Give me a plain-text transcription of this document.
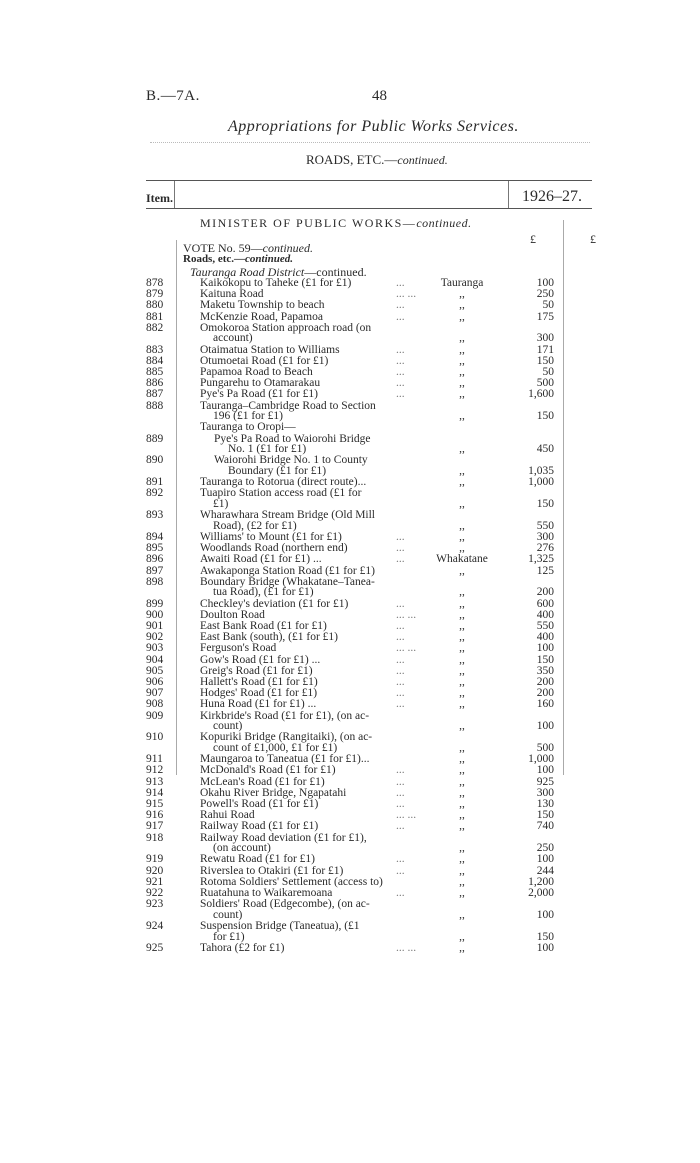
B.—7A.	48
Appropriations for Public Works Services.
ROADS, ETC.—continued.
Item.	1926–27.
MINISTER OF PUBLIC WORKS—continued.
£	£
VOTE No. 59—continued.
Roads, etc.—continued.
Tauranga Road District—continued.
878	Kaikokopu to Taheke (£1 for £1)	...	Tauranga	100
879	Kaituna Road	... ...	,,	250
880	Maketu Township to beach	...	,,	50
881	McKenzie Road, Papamoa	...	,,	175
882	Omokoroa Station approach road (on
account)	,,	300
883	Otaimatua Station to Williams	...	,,	171
884	Otumoetai Road (£1 for £1)	...	,,	150
885	Papamoa Road to Beach	...	,,	50
886	Pungarehu to Otamarakau	...	,,	500
887	Pye's Pa Road (£1 for £1)	...	,,	1,600
888	Tauranga–Cambridge Road to Section
196 (£1 for £1)	,,	150
Tauranga to Oropi—
889	Pye's Pa Road to Waiorohi Bridge
No. 1 (£1 for £1)	,,	450
890	Waiorohi Bridge No. 1 to County
Boundary (£1 for £1)	,,	1,035
891	Tauranga to Rotorua (direct route)...	,,	1,000
892	Tuapiro Station access road (£1 for
£1)	,,	150
893	Wharawhara Stream Bridge (Old Mill
Road), (£2 for £1)	,,	550
894	Williams' to Mount (£1 for £1)	...	,,	300
895	Woodlands Road (northern end)	...	,,	276
896	Awaiti Road (£1 for £1) ...	...	Whakatane	1,325
897	Awakaponga Station Road (£1 for £1)	,,	125
898	Boundary Bridge (Whakatane–Tanea-
tua Road), (£1 for £1)	,,	200
899	Checkley's deviation (£1 for £1)	...	,,	600
900	Doulton Road	... ...	,,	400
901	East Bank Road (£1 for £1)	...	,,	550
902	East Bank (south), (£1 for £1)	...	,,	400
903	Ferguson's Road	... ...	,,	100
904	Gow's Road (£1 for £1) ...	...	,,	150
905	Greig's Road (£1 for £1)	...	,,	350
906	Hallett's Road (£1 for £1)	...	,,	200
907	Hodges' Road (£1 for £1)	...	,,	200
908	Huna Road (£1 for £1) ...	...	,,	160
909	Kirkbride's Road (£1 for £1), (on ac-
count)	,,	100
910	Kopuriki Bridge (Rangitaiki), (on ac-
count of £1,000, £1 for £1)	,,	500
911	Maungaroa to Taneatua (£1 for £1)...	,,	1,000
912	McDonald's Road (£1 for £1)	...	,,	100
913	McLean's Road (£1 for £1)	...	,,	925
914	Okahu River Bridge, Ngapatahi	...	,,	300
915	Powell's Road (£1 for £1)	...	,,	130
916	Rahui Road	... ...	,,	150
917	Railway Road (£1 for £1)	...	,,	740
918	Railway Road deviation (£1 for £1),
(on account)	,,	250
919	Rewatu Road (£1 for £1)	...	,,	100
920	Riverslea to Otakiri (£1 for £1)	...	,,	244
921	Rotoma Soldiers' Settlement (access to)	,,	1,200
922	Ruatahuna to Waikaremoana	...	,,	2,000
923	Soldiers' Road (Edgecombe), (on ac-
count)	,,	100
924	Suspension Bridge (Taneatua), (£1
for £1)	,,	150
925	Tahora (£2 for £1)	... ...	,,	100
